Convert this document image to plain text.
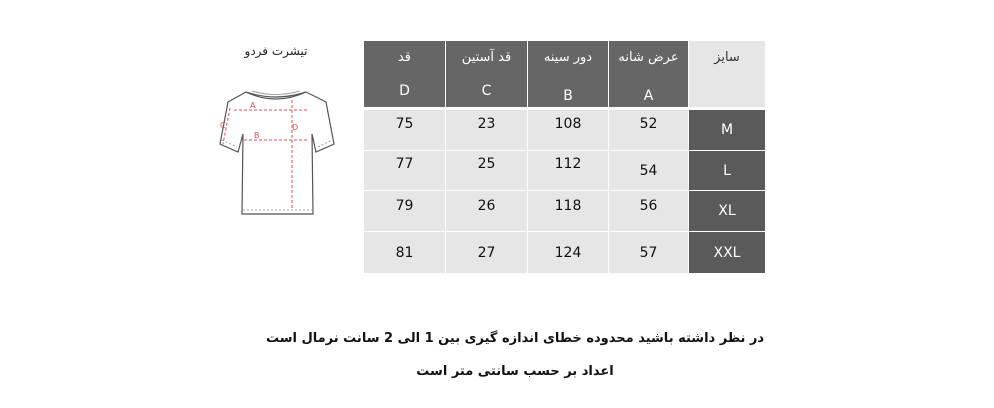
تیشرت فردو
A
B
C	D
قد	قد آستین	دور سینه	عرض شانه	سایز
D	C	B	A
75	23	108	52	M
77	25	112	54	L
79	26	118	56	XL
81	27	124	57	XXL
در نظر داشته باشید محدوده خطای اندازه گیری بین 1 الی 2 سانت نرمال است
اعداد بر حسب سانتی متر است
